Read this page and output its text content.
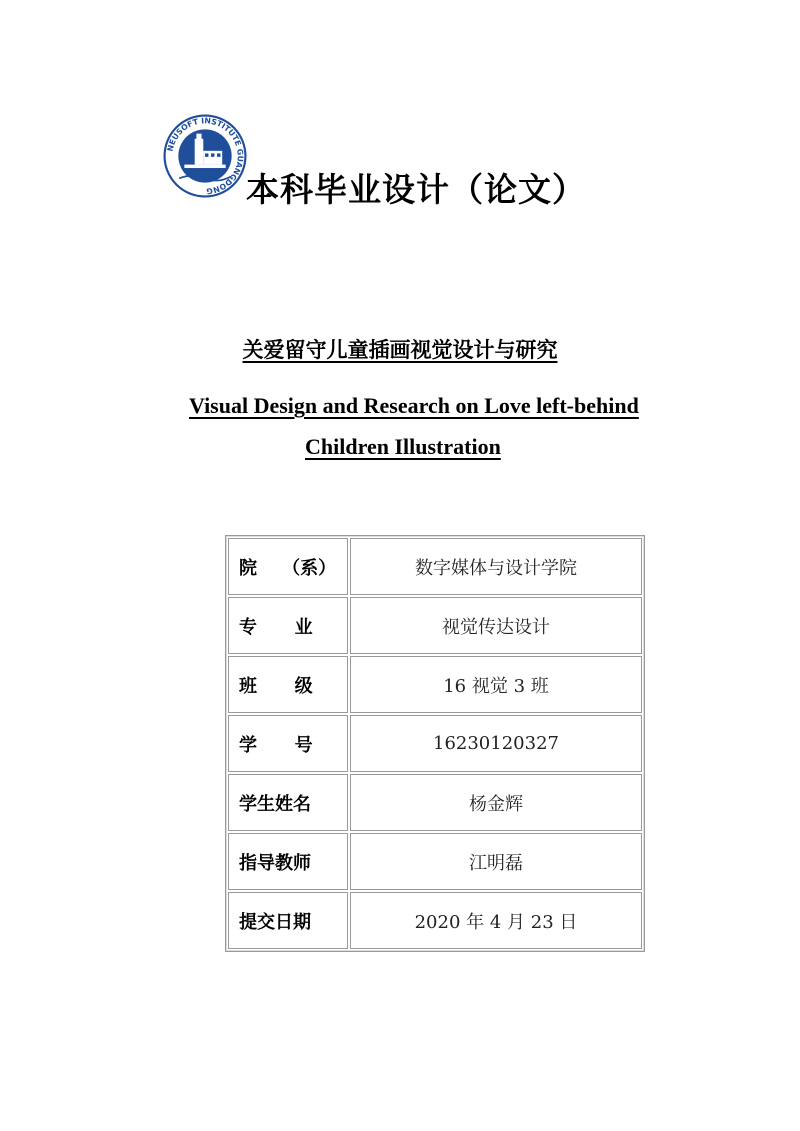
NEUSOFT INSTITUTE GUANGDONG 本科毕业设计（论文）

关爱留守儿童插画视觉设计与研究

Visual Design and Research on Love left-behind

Children Illustration

院    （系）	数字媒体与设计学院
专      业	视觉传达设计
班      级	16 视觉 3 班
学      号	16230120327
学生姓名	杨金辉
指导教师	江明磊
提交日期	2020 年 4 月 23 日
